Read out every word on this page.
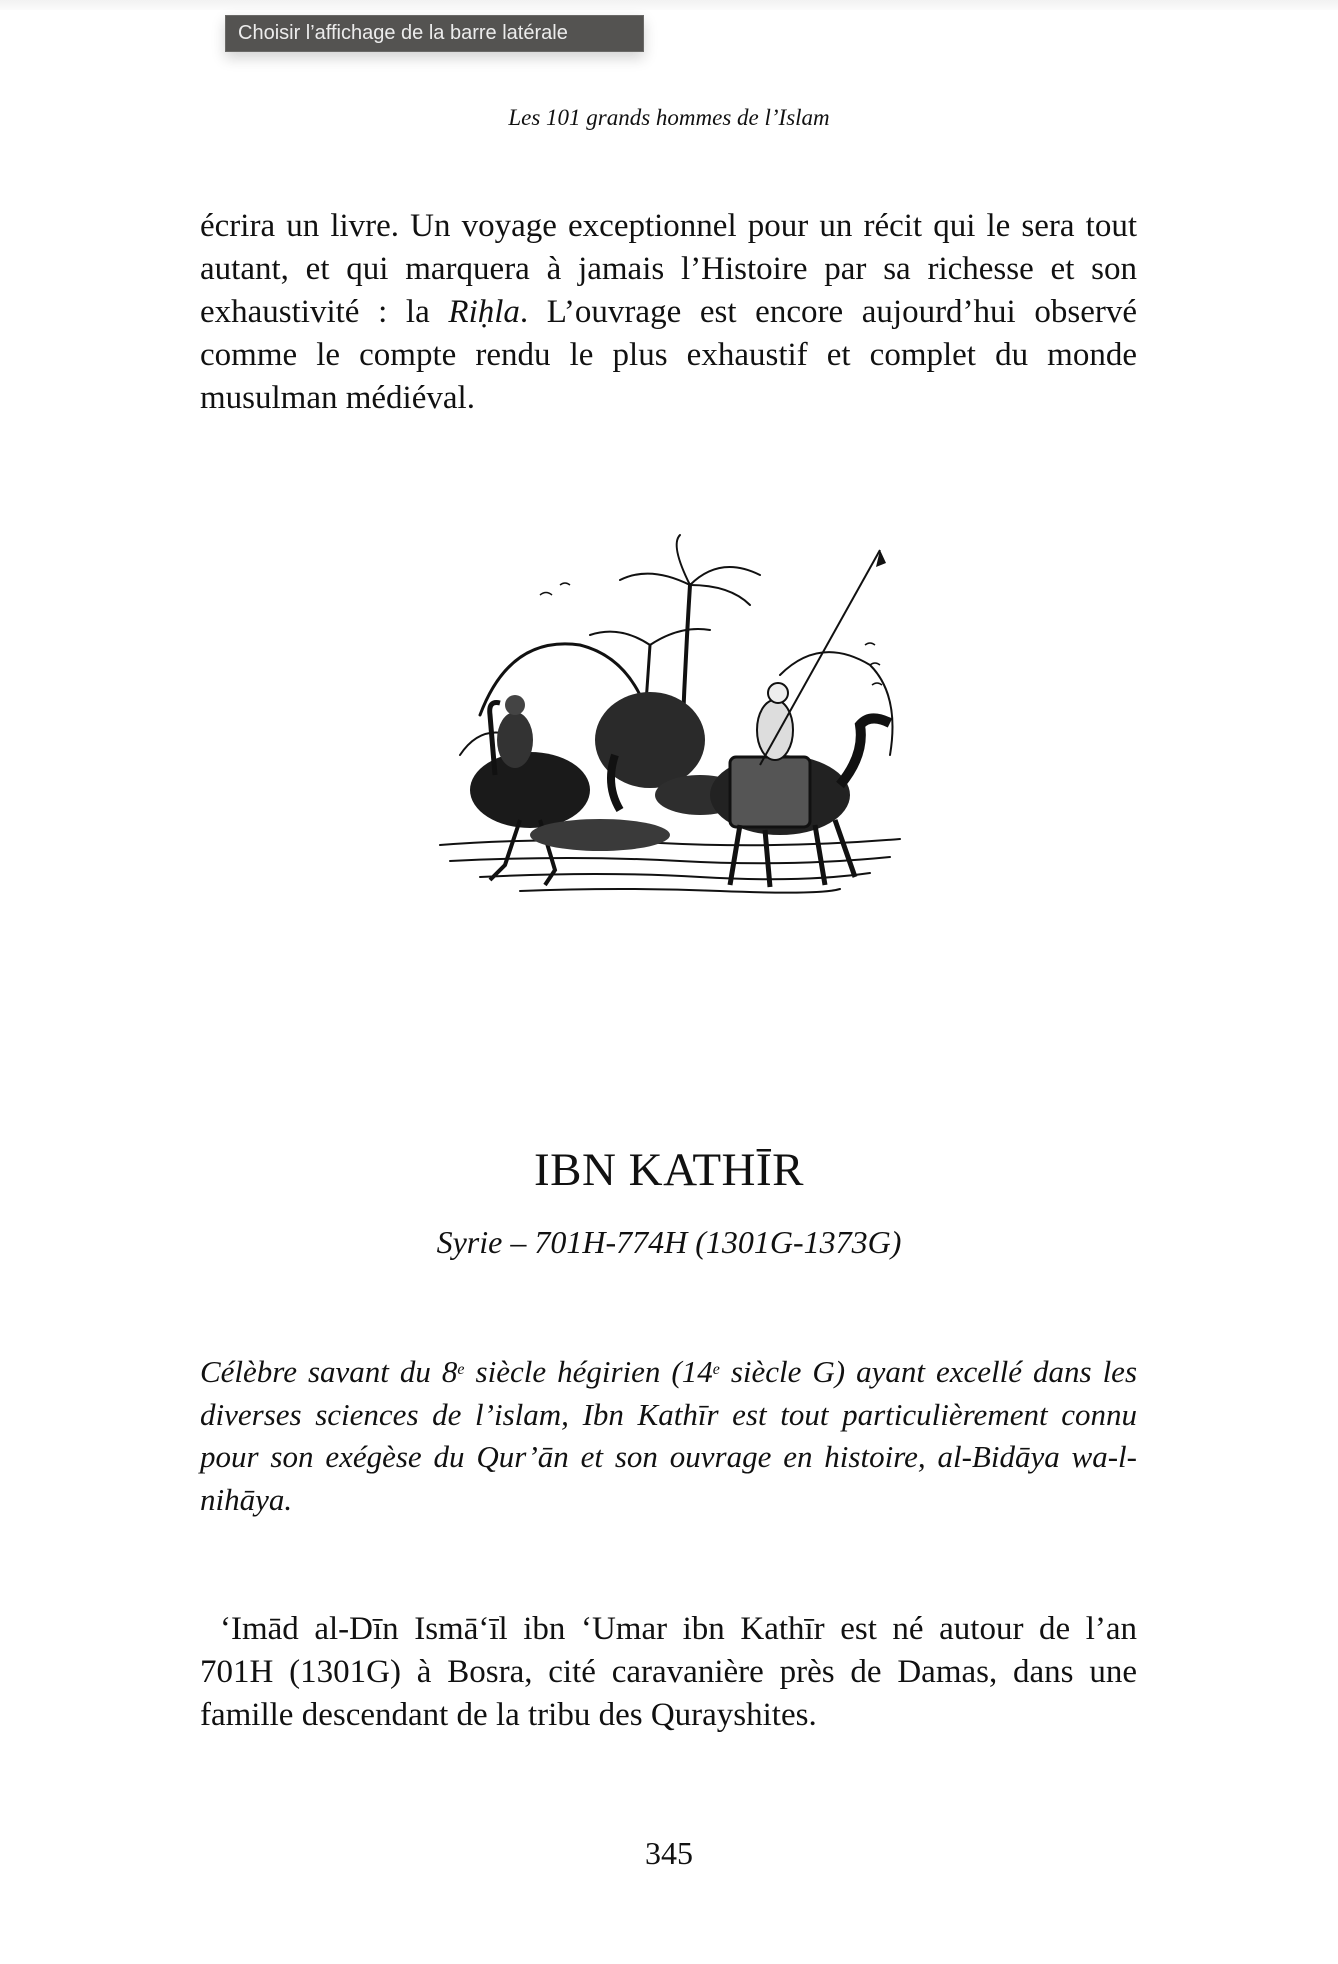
Choisir l’affichage de la barre latérale
Les 101 grands hommes de l’Islam

écrira un livre. Un voyage exceptionnel pour un récit qui le sera tout autant, et qui marquera à jamais l’Histoire par sa richesse et son exhaustivité : la Riḥla. L’ouvrage est encore aujourd’hui observé comme le compte rendu le plus exhaustif et complet du monde musulman médiéval.

IBN KATHĪR
Syrie – 701H-774H (1301G-1373G)

Célèbre savant du 8e siècle hégirien (14e siècle G) ayant excellé dans les diverses sciences de l’islam, Ibn Kathīr est tout particulièrement connu pour son exégèse du Qur’ān et son ouvrage en histoire, al-Bidāya wa-l-nihāya.

‘Imād al-Dīn Ismā‘īl ibn ‘Umar ibn Kathīr est né autour de l’an 701H (1301G) à Bosra, cité caravanière près de Damas, dans une famille descendant de la tribu des Qurayshites.

345
